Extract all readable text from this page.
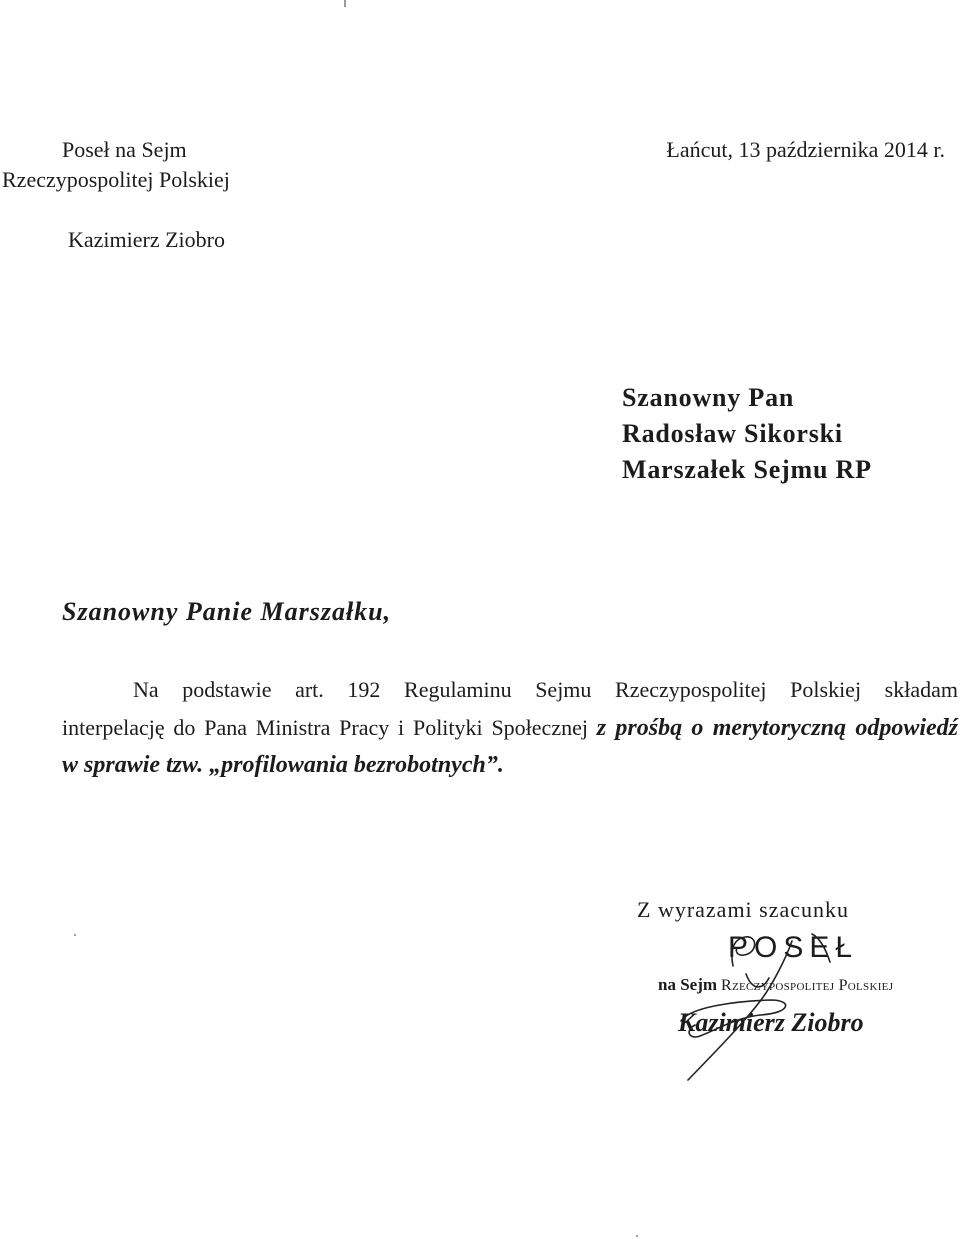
Poseł na Sejm
Rzeczypospolitej Polskiej
Kazimierz Ziobro
Łańcut, 13 października 2014 r.
Szanowny Pan
Radosław Sikorski
Marszałek Sejmu RP
Szanowny Panie Marszałku,
Na podstawie art. 192 Regulaminu Sejmu Rzeczypospolitej Polskiej składam
interpelację do Pana Ministra Pracy i Polityki Społecznej z prośbą o merytoryczną odpowiedź
w sprawie tzw. „profilowania bezrobotnych”.
Z wyrazami szacunku
POSEŁ
na Sejm Rzeczypospolitej Polskiej
Kazimierz Ziobro
